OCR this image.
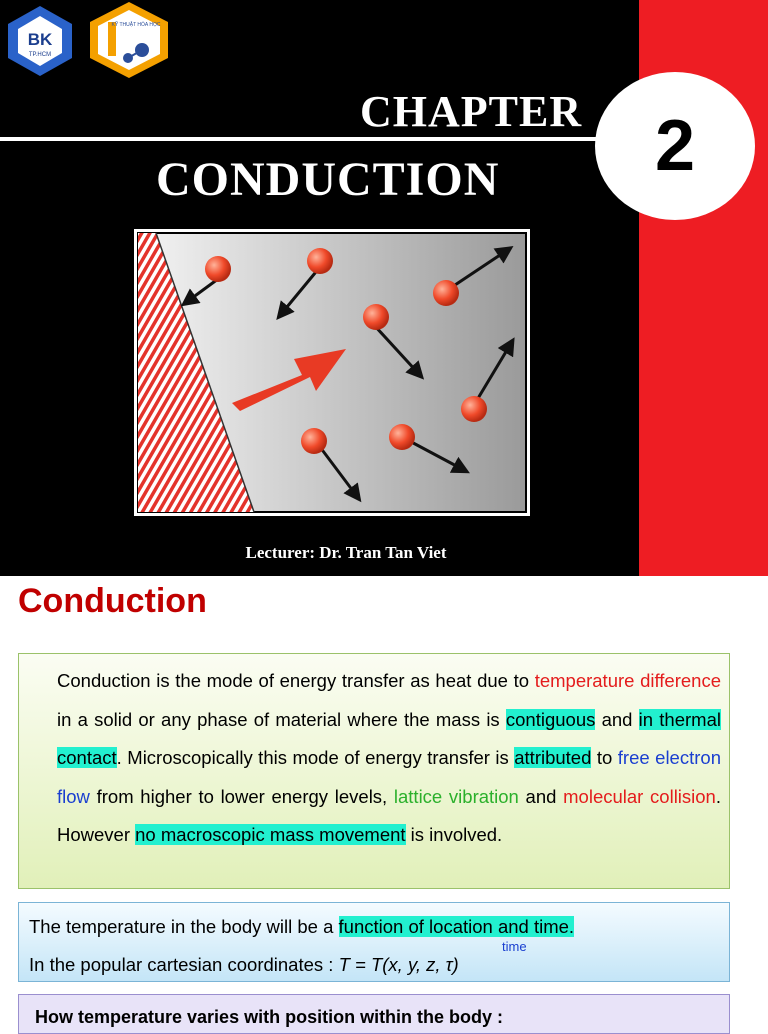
BK
TP.HCM
KỸ THUẬT HÓA HỌC
CHAPTER 2
CONDUCTION
Lecturer: Dr. Tran Tan Viet
Conduction
Conduction is the mode of energy transfer as heat due to temperature difference in a solid or any phase of material where the mass is contiguous and in thermal contact. Microscopically this mode of energy transfer is attributed to free electron flow from higher to lower energy levels, lattice vibration and molecular collision. However no macroscopic mass movement is involved.
The temperature in the body will be a function of location and time.
time
In the popular cartesian coordinates : T = T(x, y, z, τ)
How temperature varies with position within the body :
